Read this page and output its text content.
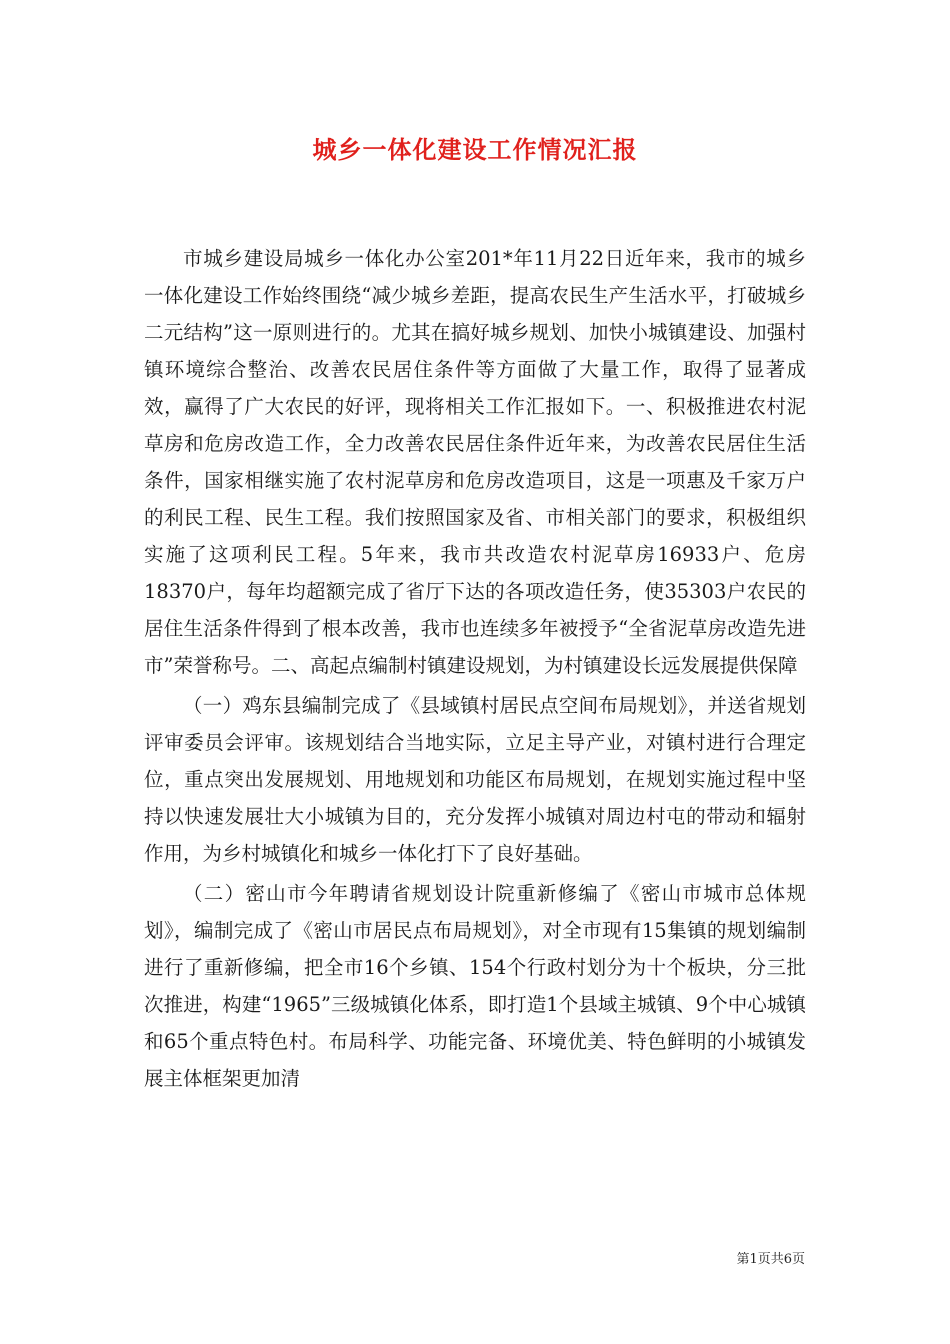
城乡一体化建设工作情况汇报

市城乡建设局城乡一体化办公室201*年11月22日近年来，我市的城乡一体化建设工作始终围绕“减少城乡差距，提高农民生产生活水平，打破城乡二元结构”这一原则进行的。尤其在搞好城乡规划、加快小城镇建设、加强村镇环境综合整治、改善农民居住条件等方面做了大量工作，取得了显著成效，赢得了广大农民的好评，现将相关工作汇报如下。一、积极推进农村泥草房和危房改造工作，全力改善农民居住条件近年来，为改善农民居住生活条件，国家相继实施了农村泥草房和危房改造项目，这是一项惠及千家万户的利民工程、民生工程。我们按照国家及省、市相关部门的要求，积极组织实施了这项利民工程。5年来，我市共改造农村泥草房16933户、危房18370户，每年均超额完成了省厅下达的各项改造任务，使35303户农民的居住生活条件得到了根本改善，我市也连续多年被授予“全省泥草房改造先进市”荣誉称号。二、高起点编制村镇建设规划，为村镇建设长远发展提供保障

（一）鸡东县编制完成了《县域镇村居民点空间布局规划》，并送省规划评审委员会评审。该规划结合当地实际，立足主导产业，对镇村进行合理定位，重点突出发展规划、用地规划和功能区布局规划，在规划实施过程中坚持以快速发展壮大小城镇为目的，充分发挥小城镇对周边村屯的带动和辐射作用，为乡村城镇化和城乡一体化打下了良好基础。

（二）密山市今年聘请省规划设计院重新修编了《密山市城市总体规划》，编制完成了《密山市居民点布局规划》，对全市现有15集镇的规划编制进行了重新修编，把全市16个乡镇、154个行政村划分为十个板块，分三批次推进，构建“1965”三级城镇化体系，即打造1个县域主城镇、9个中心城镇和65个重点特色村。布局科学、功能完备、环境优美、特色鲜明的小城镇发展主体框架更加清

第1页共6页
